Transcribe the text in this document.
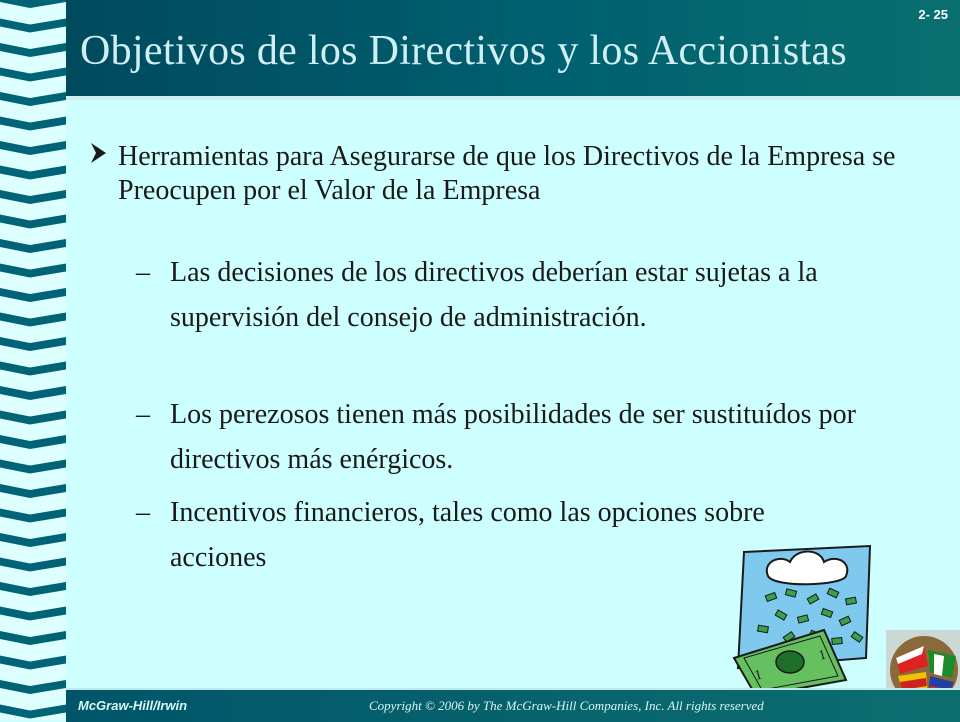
2- 25
Objetivos de los Directivos y los Accionistas
Herramientas para Asegurarse de que los Directivos de la Empresa se Preocupen por el Valor de la Empresa
– Las decisiones de los directivos deberían estar sujetas a la supervisión del consejo de administración.
– Los perezosos tienen más posibilidades de ser sustituídos por directivos más enérgicos.
– Incentivos financieros, tales como las opciones sobre acciones
1
1
McGraw-Hill/Irwin	Copyright © 2006 by The McGraw-Hill Companies, Inc. All rights reserved
